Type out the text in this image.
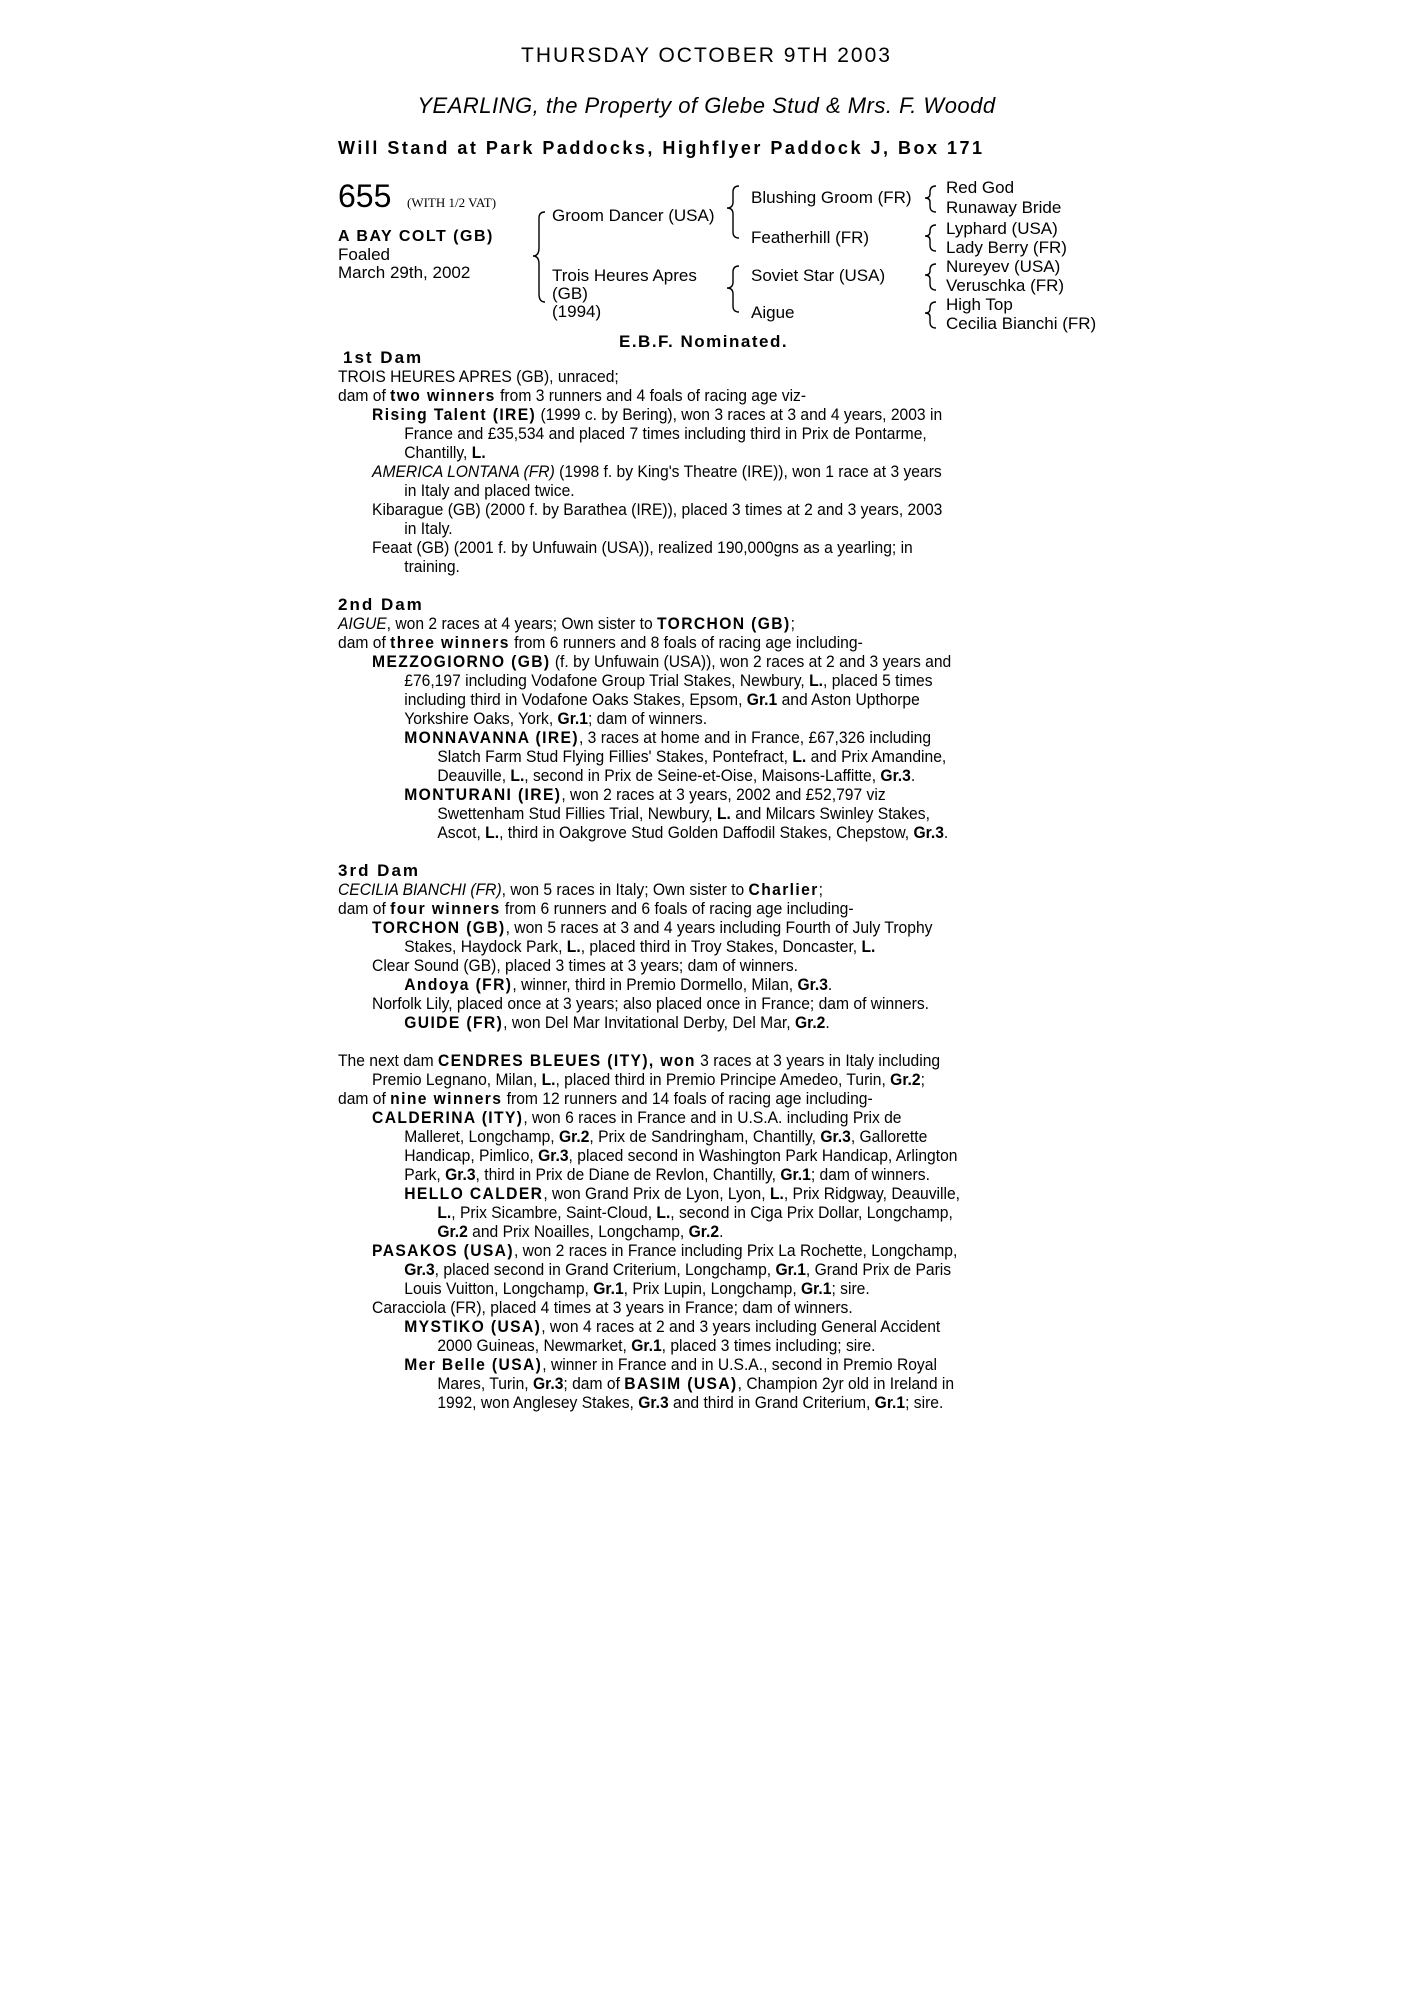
THURSDAY OCTOBER 9TH 2003
YEARLING, the Property of Glebe Stud & Mrs. F. Woodd
Will Stand at Park Paddocks, Highflyer Paddock J, Box 171
655 (WITH 1/2 VAT)
A BAY COLT (GB)
Foaled
March 29th, 2002
Groom Dancer (USA)
Trois Heures Apres
(GB)
(1994)
Blushing Groom (FR)
Featherhill (FR)
Soviet Star (USA)
Aigue
Red God
Runaway Bride
Lyphard (USA)
Lady Berry (FR)
Nureyev (USA)
Veruschka (FR)
High Top
Cecilia Bianchi (FR)
E.B.F. Nominated.
1st Dam
TROIS HEURES APRES (GB), unraced;
dam of two winners from 3 runners and 4 foals of racing age viz-
Rising Talent (IRE) (1999 c. by Bering), won 3 races at 3 and 4 years, 2003 in
France and £35,534 and placed 7 times including third in Prix de Pontarme,
Chantilly, L.
AMERICA LONTANA (FR) (1998 f. by King's Theatre (IRE)), won 1 race at 3 years
in Italy and placed twice.
Kibarague (GB) (2000 f. by Barathea (IRE)), placed 3 times at 2 and 3 years, 2003
in Italy.
Feaat (GB) (2001 f. by Unfuwain (USA)), realized 190,000gns as a yearling; in
training.
2nd Dam
AIGUE, won 2 races at 4 years; Own sister to TORCHON (GB);
dam of three winners from 6 runners and 8 foals of racing age including-
MEZZOGIORNO (GB) (f. by Unfuwain (USA)), won 2 races at 2 and 3 years and
£76,197 including Vodafone Group Trial Stakes, Newbury, L., placed 5 times
including third in Vodafone Oaks Stakes, Epsom, Gr.1 and Aston Upthorpe
Yorkshire Oaks, York, Gr.1; dam of winners.
MONNAVANNA (IRE), 3 races at home and in France, £67,326 including
Slatch Farm Stud Flying Fillies' Stakes, Pontefract, L. and Prix Amandine,
Deauville, L., second in Prix de Seine-et-Oise, Maisons-Laffitte, Gr.3.
MONTURANI (IRE), won 2 races at 3 years, 2002 and £52,797 viz
Swettenham Stud Fillies Trial, Newbury, L. and Milcars Swinley Stakes,
Ascot, L., third in Oakgrove Stud Golden Daffodil Stakes, Chepstow, Gr.3.
3rd Dam
CECILIA BIANCHI (FR), won 5 races in Italy; Own sister to Charlier;
dam of four winners from 6 runners and 6 foals of racing age including-
TORCHON (GB), won 5 races at 3 and 4 years including Fourth of July Trophy
Stakes, Haydock Park, L., placed third in Troy Stakes, Doncaster, L.
Clear Sound (GB), placed 3 times at 3 years; dam of winners.
Andoya (FR), winner, third in Premio Dormello, Milan, Gr.3.
Norfolk Lily, placed once at 3 years; also placed once in France; dam of winners.
GUIDE (FR), won Del Mar Invitational Derby, Del Mar, Gr.2.
The next dam CENDRES BLEUES (ITY), won 3 races at 3 years in Italy including
Premio Legnano, Milan, L., placed third in Premio Principe Amedeo, Turin, Gr.2;
dam of nine winners from 12 runners and 14 foals of racing age including-
CALDERINA (ITY), won 6 races in France and in U.S.A. including Prix de
Malleret, Longchamp, Gr.2, Prix de Sandringham, Chantilly, Gr.3, Gallorette
Handicap, Pimlico, Gr.3, placed second in Washington Park Handicap, Arlington
Park, Gr.3, third in Prix de Diane de Revlon, Chantilly, Gr.1; dam of winners.
HELLO CALDER, won Grand Prix de Lyon, Lyon, L., Prix Ridgway, Deauville,
L., Prix Sicambre, Saint-Cloud, L., second in Ciga Prix Dollar, Longchamp,
Gr.2 and Prix Noailles, Longchamp, Gr.2.
PASAKOS (USA), won 2 races in France including Prix La Rochette, Longchamp,
Gr.3, placed second in Grand Criterium, Longchamp, Gr.1, Grand Prix de Paris
Louis Vuitton, Longchamp, Gr.1, Prix Lupin, Longchamp, Gr.1; sire.
Caracciola (FR), placed 4 times at 3 years in France; dam of winners.
MYSTIKO (USA), won 4 races at 2 and 3 years including General Accident
2000 Guineas, Newmarket, Gr.1, placed 3 times including; sire.
Mer Belle (USA), winner in France and in U.S.A., second in Premio Royal
Mares, Turin, Gr.3; dam of BASIM (USA), Champion 2yr old in Ireland in
1992, won Anglesey Stakes, Gr.3 and third in Grand Criterium, Gr.1; sire.
